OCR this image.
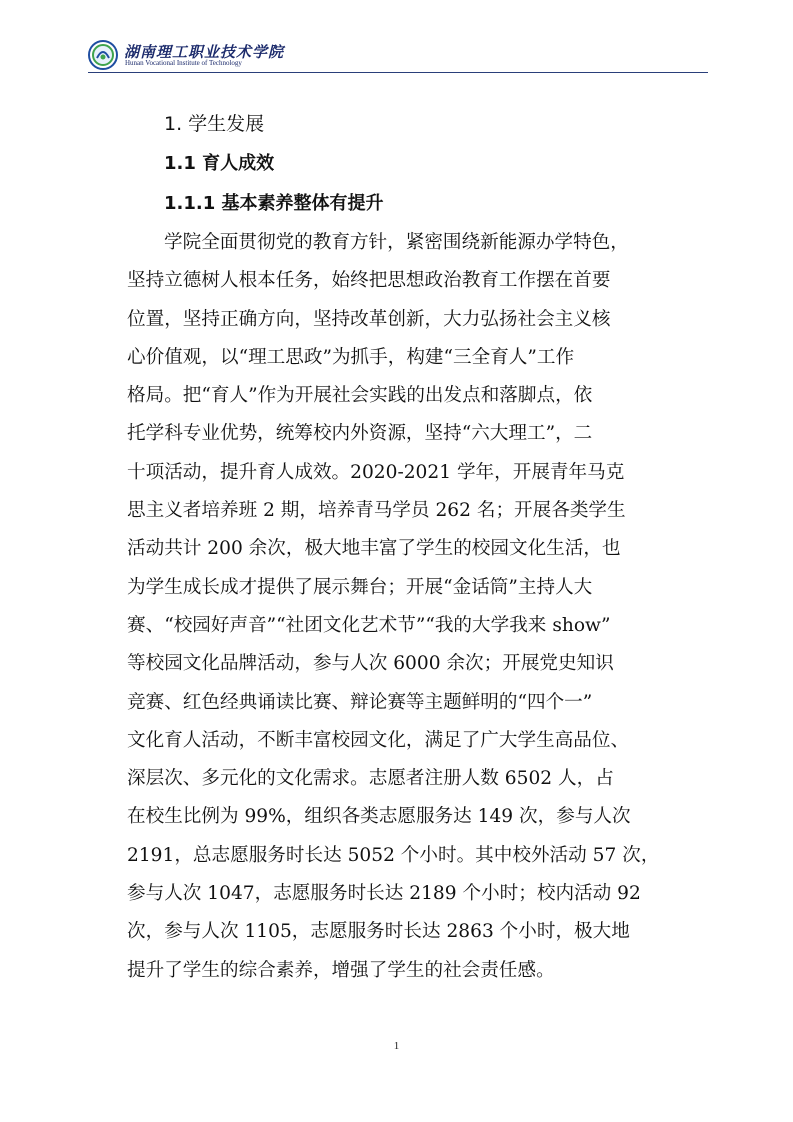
湖南理工职业技术学院
Hunan Vocational Institute of Technology
1. 学生发展
1.1 育人成效
1.1.1 基本素养整体有提升
学院全面贯彻党的教育方针，紧密围绕新能源办学特色，
坚持立德树人根本任务，始终把思想政治教育工作摆在首要
位置，坚持正确方向，坚持改革创新，大力弘扬社会主义核
心价值观，以“理工思政”为抓手，构建“三全育人”工作
格局。把“育人”作为开展社会实践的出发点和落脚点，依
托学科专业优势，统筹校内外资源，坚持“六大理工”，二
十项活动，提升育人成效。2020-2021 学年，开展青年马克
思主义者培养班 2 期，培养青马学员 262 名；开展各类学生
活动共计 200 余次，极大地丰富了学生的校园文化生活，也
为学生成长成才提供了展示舞台；开展“金话筒”主持人大
赛、“校园好声音”“社团文化艺术节”“我的大学我来 show”
等校园文化品牌活动，参与人次 6000 余次；开展党史知识
竞赛、红色经典诵读比赛、辩论赛等主题鲜明的“四个一”
文化育人活动，不断丰富校园文化，满足了广大学生高品位、
深层次、多元化的文化需求。志愿者注册人数 6502 人，占
在校生比例为 99%，组织各类志愿服务达 149 次，参与人次
2191，总志愿服务时长达 5052 个小时。其中校外活动 57 次，
参与人次 1047，志愿服务时长达 2189 个小时；校内活动 92
次，参与人次 1105，志愿服务时长达 2863 个小时，极大地
提升了学生的综合素养，增强了学生的社会责任感。
1
